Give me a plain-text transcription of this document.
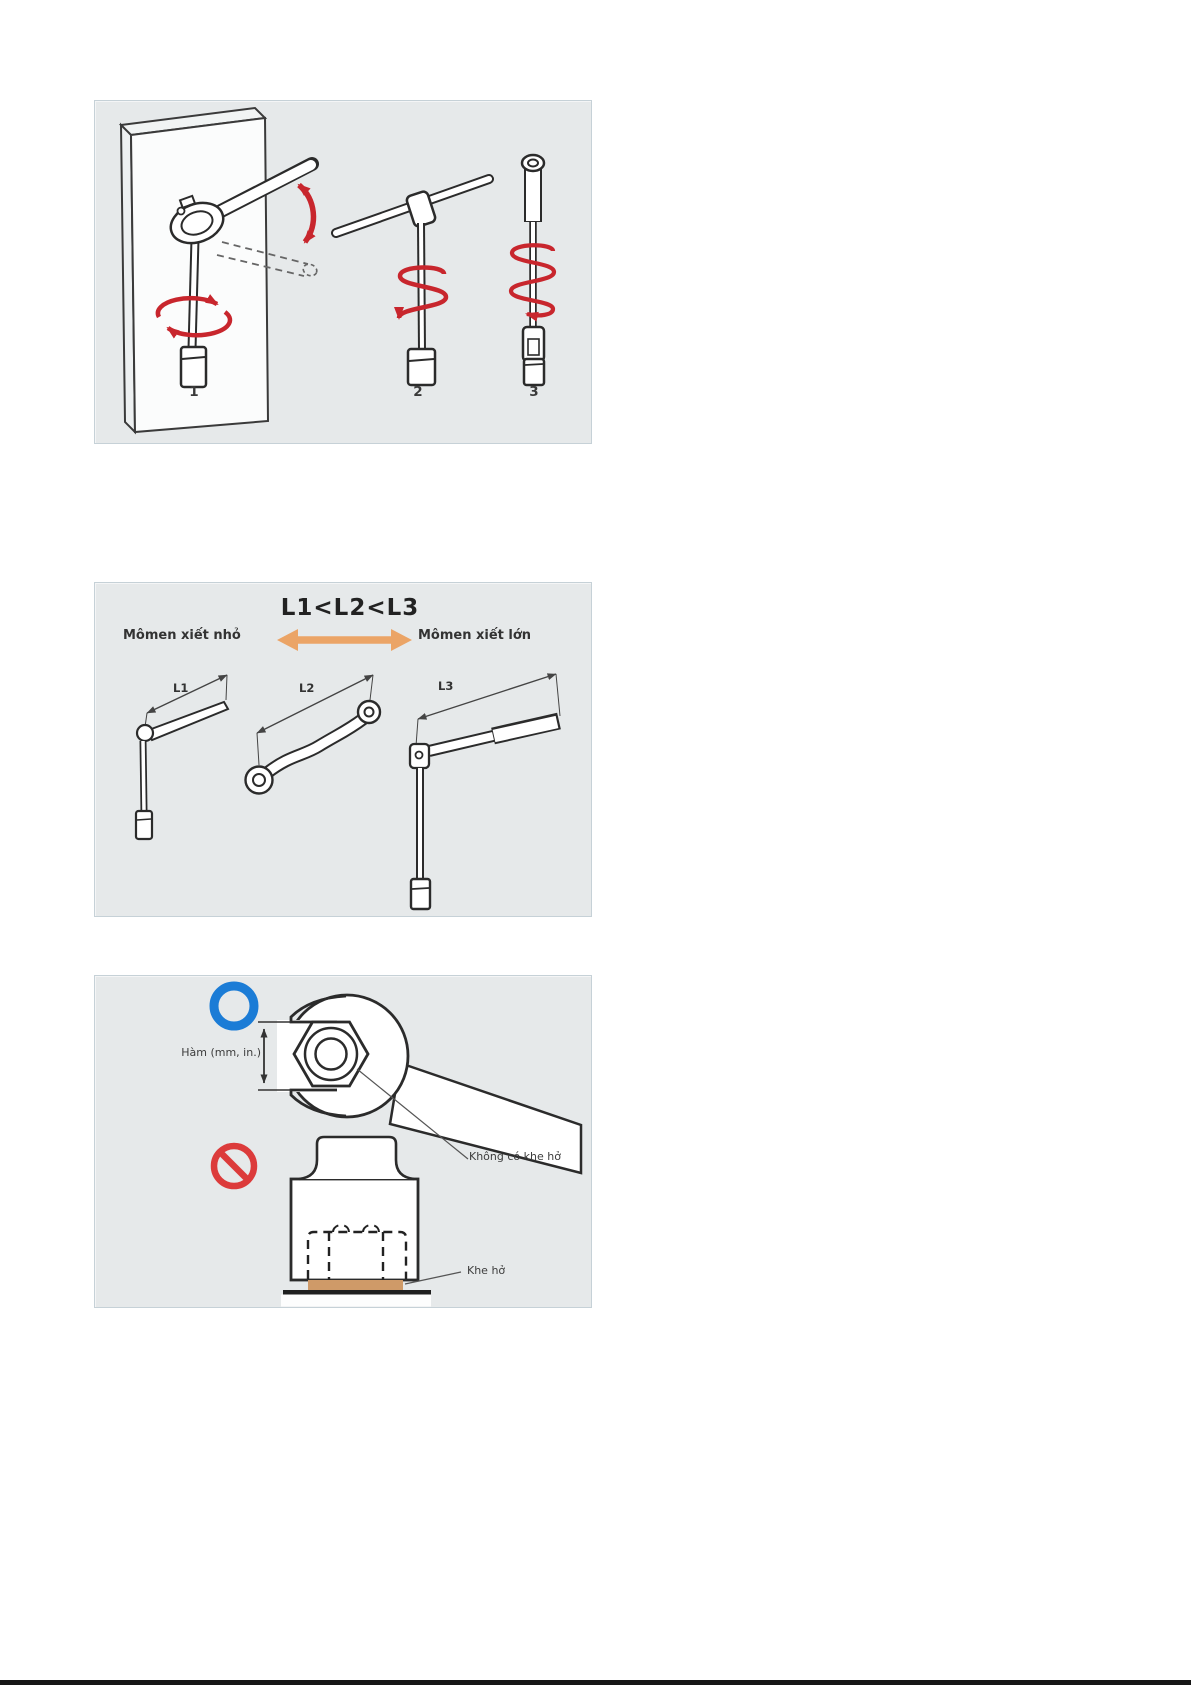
1	2	3
L1<L2<L3
Mômen xiết nhỏ	Mômen xiết lớn
L1	L2	L3
Hàm (mm, in.)
Không có khe hở
Khe hở
